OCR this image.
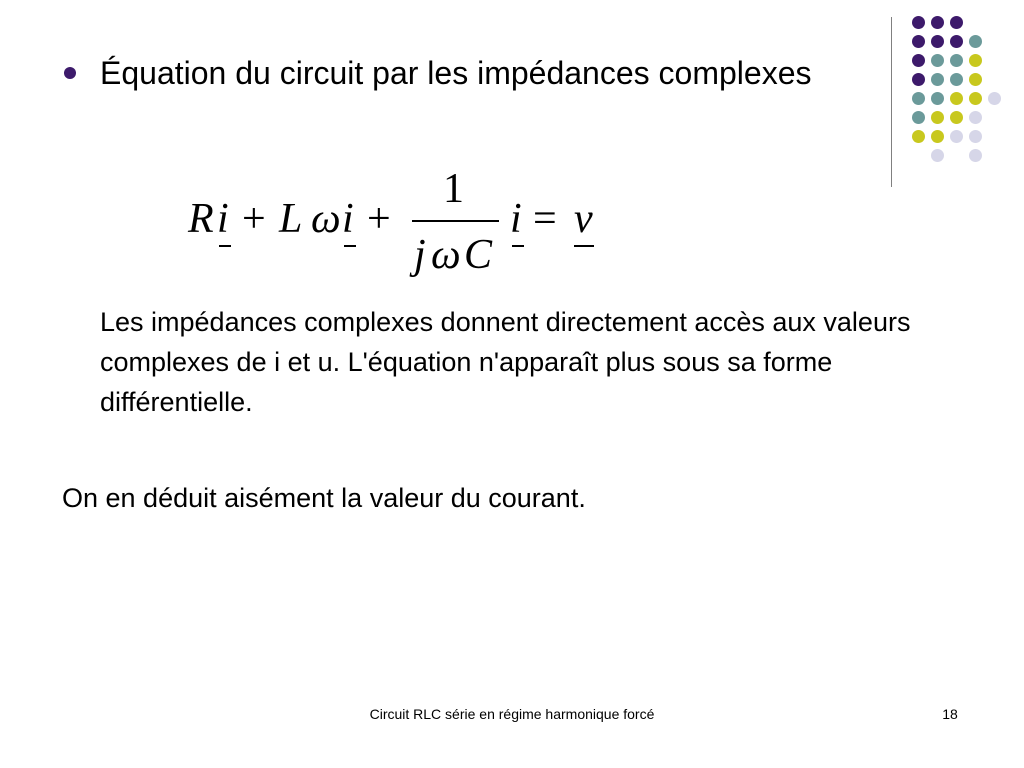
Équation du circuit par les impédances complexes
R i + L ω i +
1
j ω C
i = v
Les impédances complexes donnent directement accès aux valeurs complexes de i et u. L'équation n'apparaît plus sous sa forme différentielle.
On en déduit aisément la valeur du courant.
Circuit RLC série en régime harmonique forcé	18
